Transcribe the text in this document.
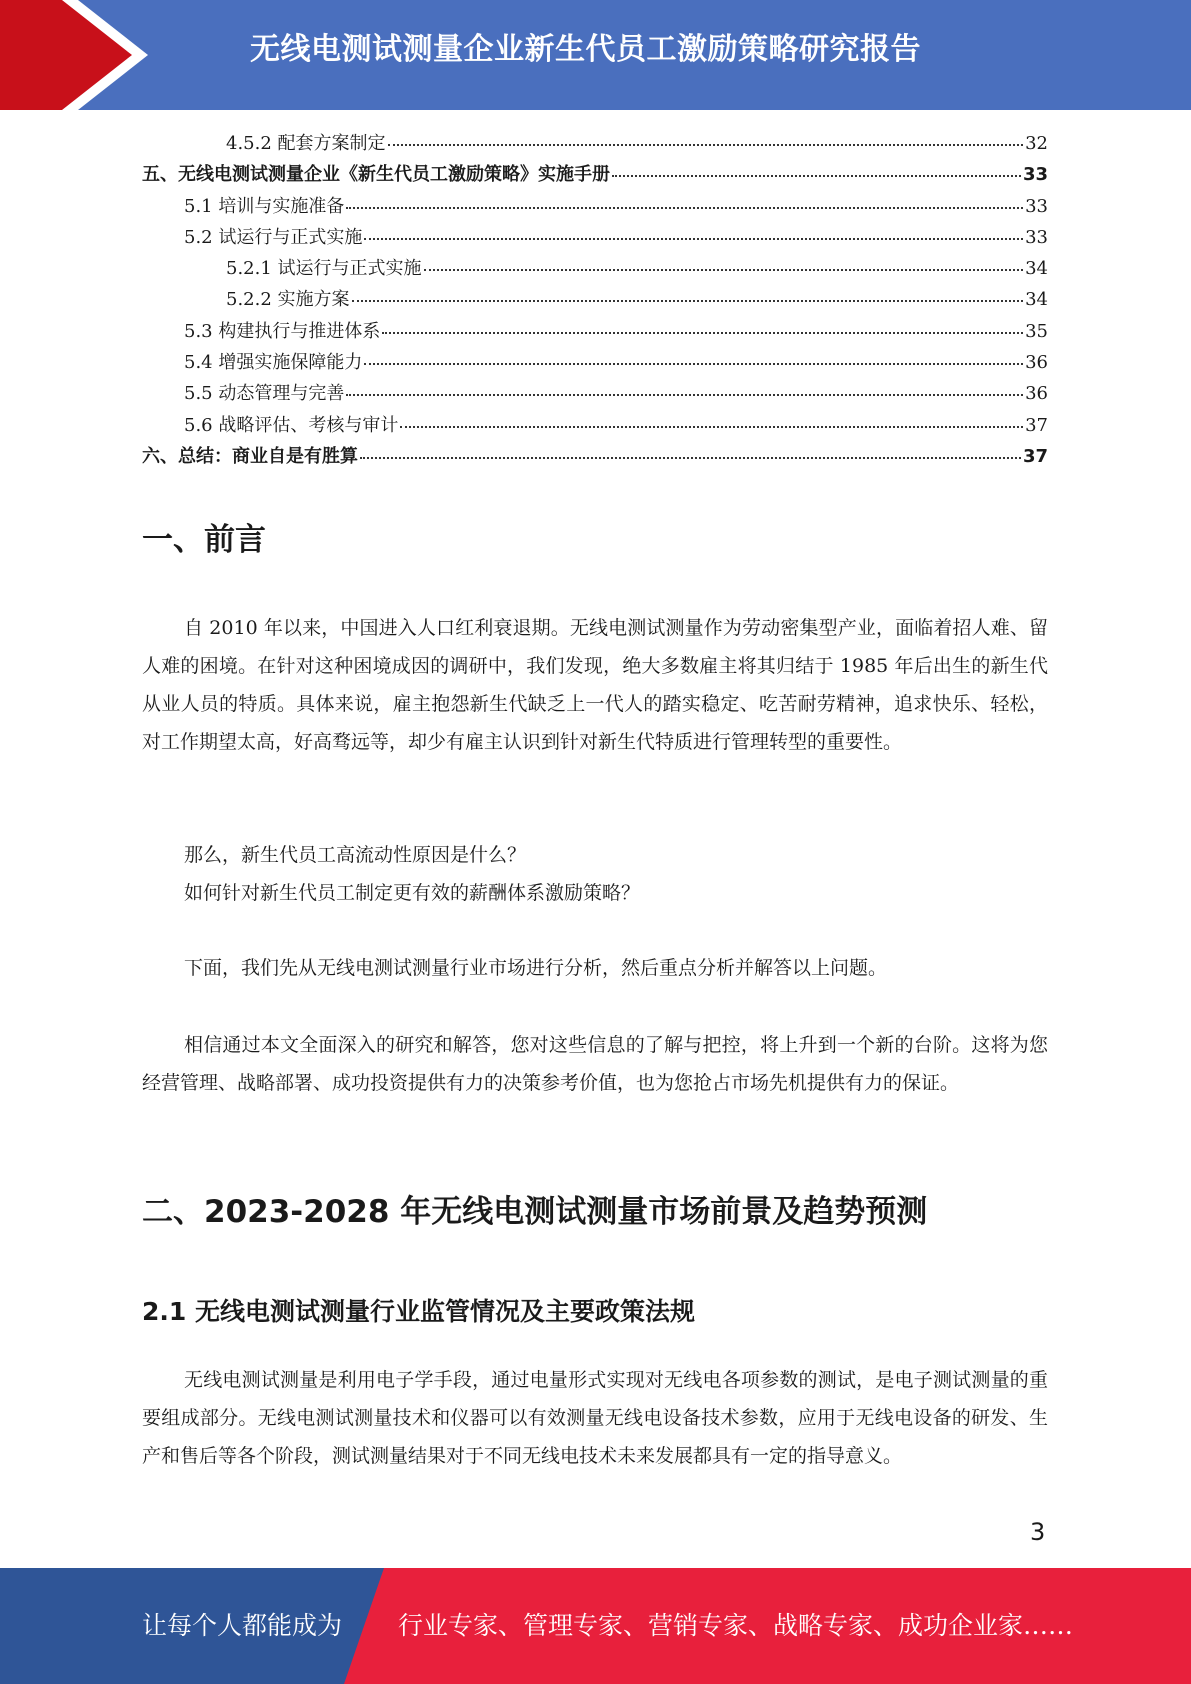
无线电测试测量企业新生代员工激励策略研究报告
4.5.2 配套方案制定	32
五、无线电测试测量企业《新生代员工激励策略》实施手册	33
5.1 培训与实施准备	33
5.2 试运行与正式实施	33
5.2.1 试运行与正式实施	34
5.2.2 实施方案	34
5.3 构建执行与推进体系	35
5.4 增强实施保障能力	36
5.5 动态管理与完善	36
5.6 战略评估、考核与审计	37
六、总结：商业自是有胜算	37
一、前言

自 2010 年以来，中国进入人口红利衰退期。无线电测试测量作为劳动密集型产业，面临着招人难、留人难的困境。在针对这种困境成因的调研中，我们发现，绝大多数雇主将其归结于 1985 年后出生的新生代从业人员的特质。具体来说，雇主抱怨新生代缺乏上一代人的踏实稳定、吃苦耐劳精神，追求快乐、轻松，对工作期望太高，好高骛远等，却少有雇主认识到针对新生代特质进行管理转型的重要性。

那么，新生代员工高流动性原因是什么？

如何针对新生代员工制定更有效的薪酬体系激励策略？

下面，我们先从无线电测试测量行业市场进行分析，然后重点分析并解答以上问题。

相信通过本文全面深入的研究和解答，您对这些信息的了解与把控，将上升到一个新的台阶。这将为您经营管理、战略部署、成功投资提供有力的决策参考价值，也为您抢占市场先机提供有力的保证。

二、2023-2028 年无线电测试测量市场前景及趋势预测
2.1 无线电测试测量行业监管情况及主要政策法规

无线电测试测量是利用电子学手段，通过电量形式实现对无线电各项参数的测试，是电子测试测量的重要组成部分。无线电测试测量技术和仪器可以有效测量无线电设备技术参数，应用于无线电设备的研发、生产和售后等各个阶段，测试测量结果对于不同无线电技术未来发展都具有一定的指导意义。

3
让每个人都能成为 行业专家、管理专家、营销专家、战略专家、成功企业家……
